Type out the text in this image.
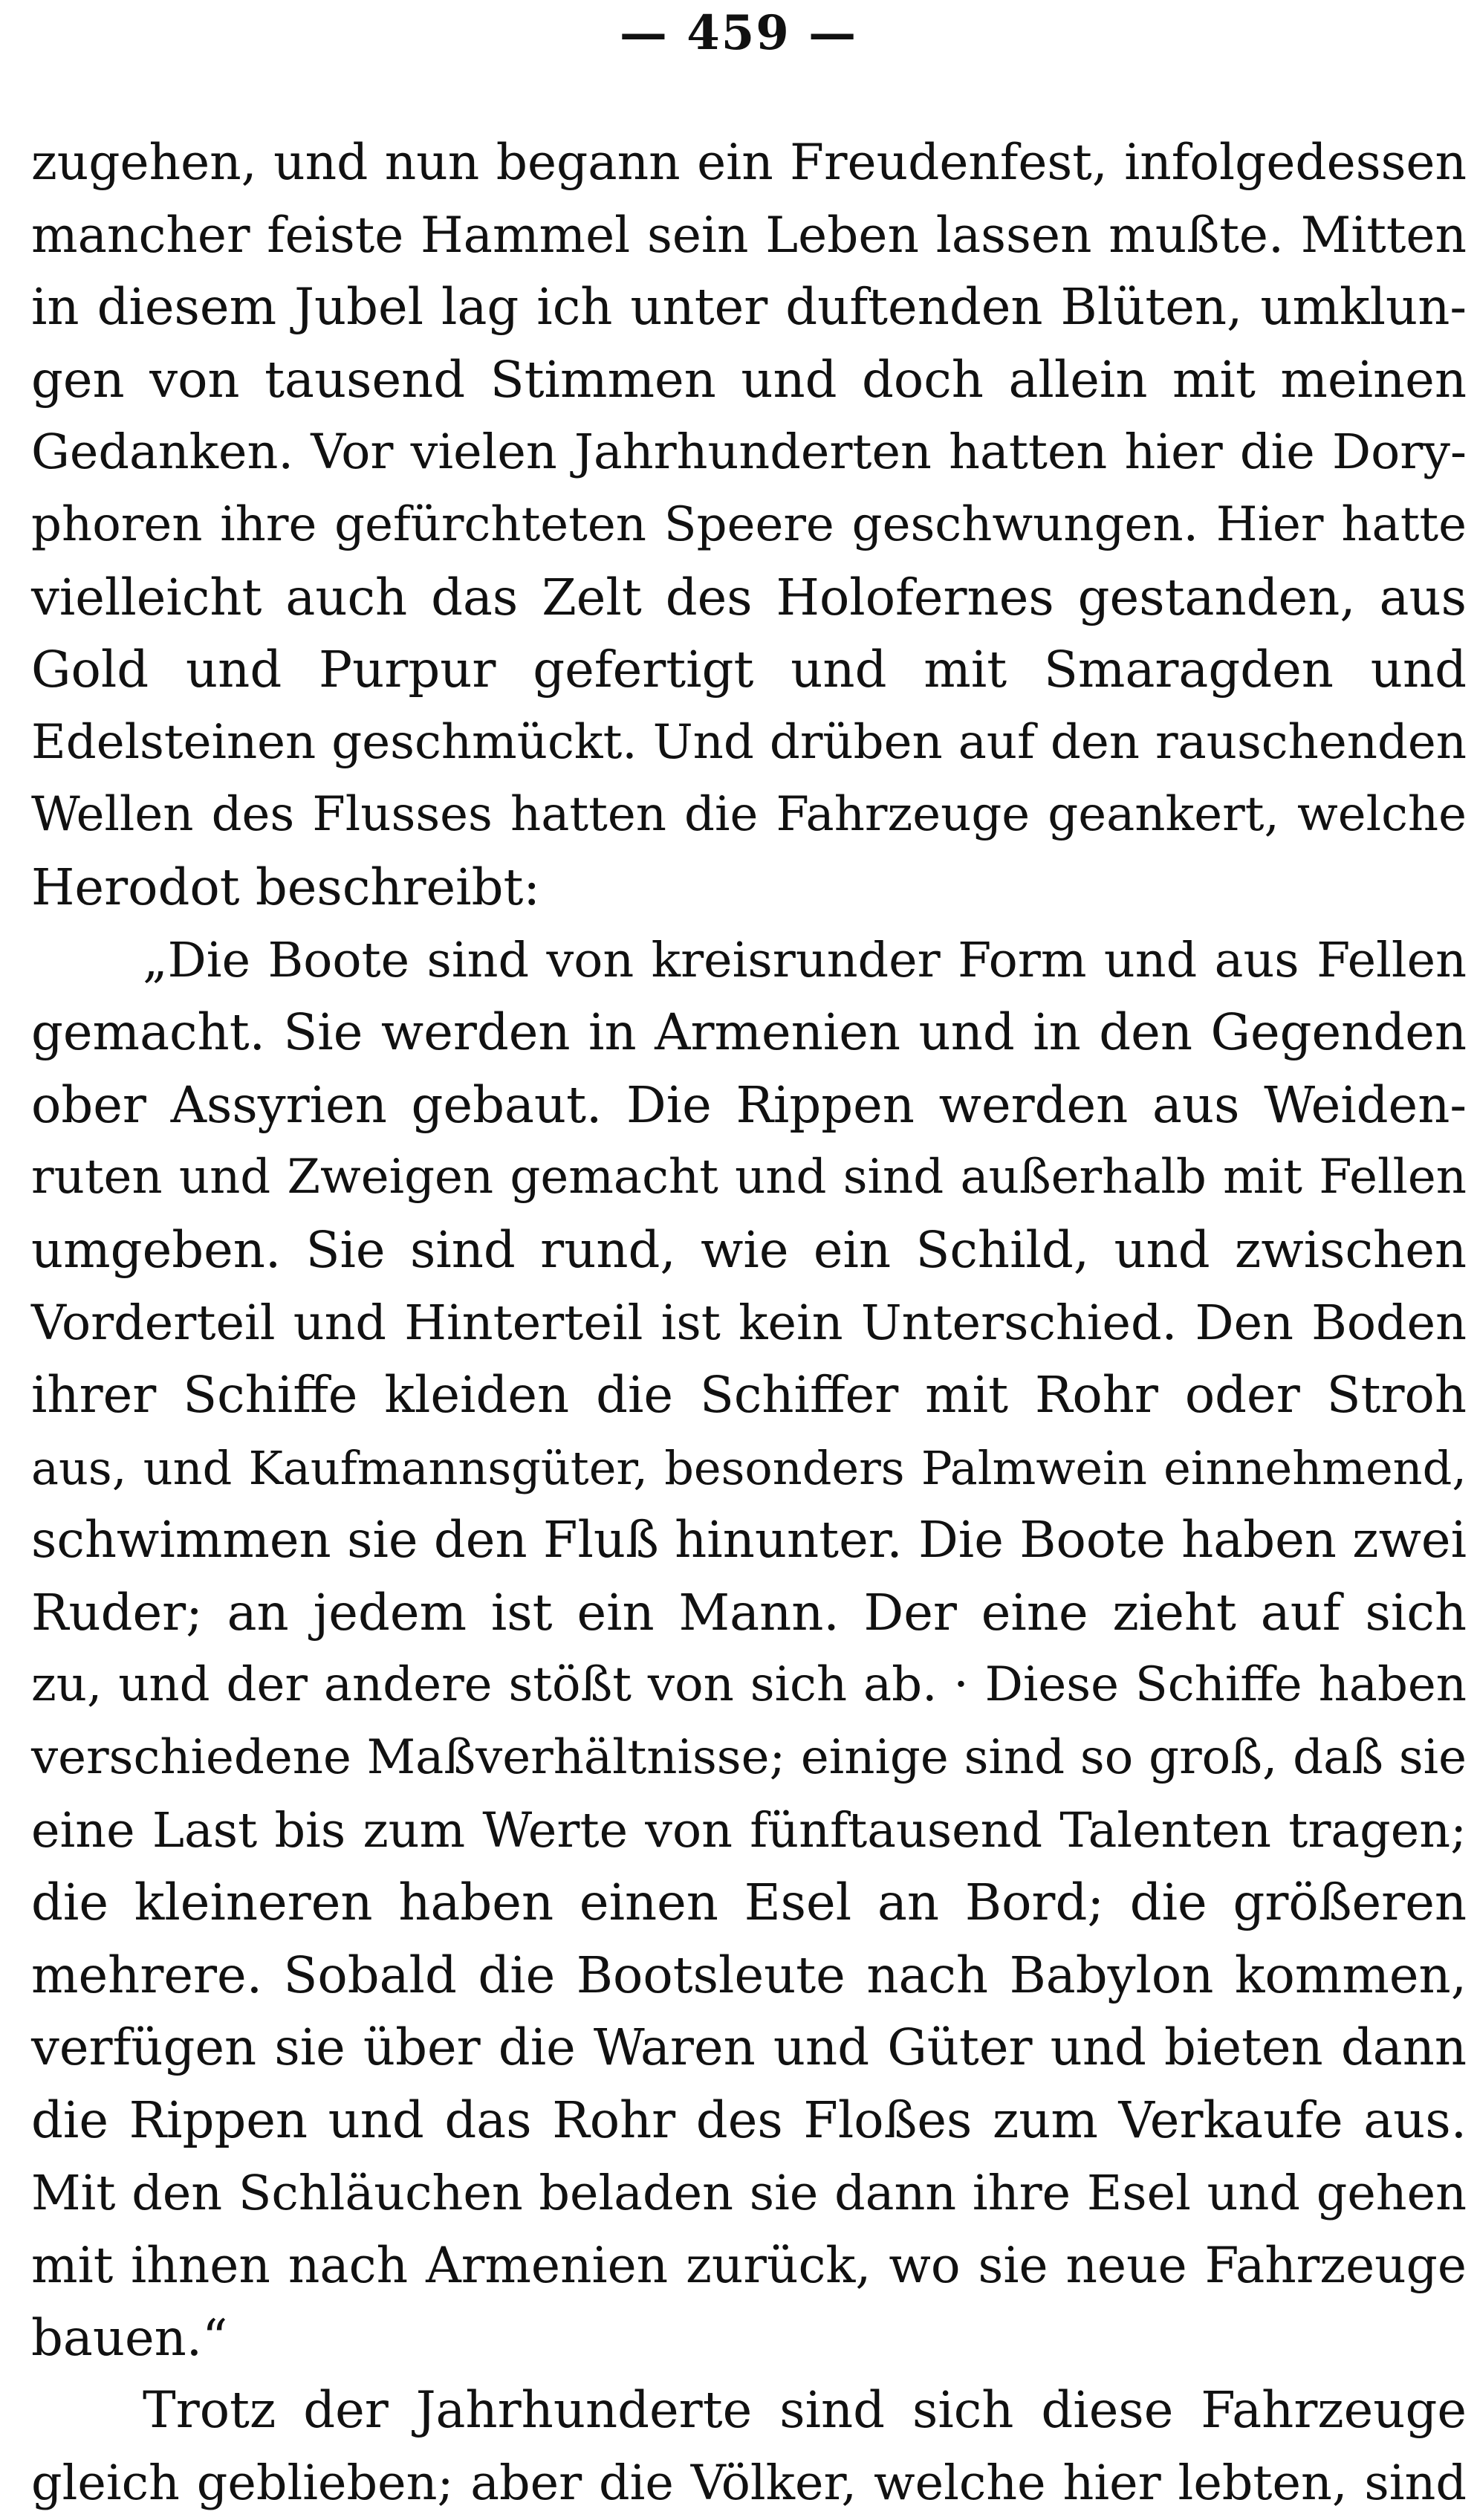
— 459 —
zugehen, und nun begann ein Freudenfest, infolgedessen
mancher feiste Hammel sein Leben lassen mußte. Mitten
in diesem Jubel lag ich unter duftenden Blüten, umklun-
gen von tausend Stimmen und doch allein mit meinen
Gedanken. Vor vielen Jahrhunderten hatten hier die Dory-
phoren ihre gefürchteten Speere geschwungen. Hier hatte
vielleicht auch das Zelt des Holofernes gestanden, aus
Gold und Purpur gefertigt und mit Smaragden und
Edelsteinen geschmückt. Und drüben auf den rauschenden
Wellen des Flusses hatten die Fahrzeuge geankert, welche
Herodot beschreibt:
„Die Boote sind von kreisrunder Form und aus Fellen
gemacht. Sie werden in Armenien und in den Gegenden
ober Assyrien gebaut. Die Rippen werden aus Weiden-
ruten und Zweigen gemacht und sind außerhalb mit Fellen
umgeben. Sie sind rund, wie ein Schild, und zwischen
Vorderteil und Hinterteil ist kein Unterschied. Den Boden
ihrer Schiffe kleiden die Schiffer mit Rohr oder Stroh
aus, und Kaufmannsgüter, besonders Palmwein einnehmend,
schwimmen sie den Fluß hinunter. Die Boote haben zwei
Ruder; an jedem ist ein Mann. Der eine zieht auf sich
zu, und der andere stößt von sich ab. · Diese Schiffe haben
verschiedene Maßverhältnisse; einige sind so groß, daß sie
eine Last bis zum Werte von fünftausend Talenten tragen;
die kleineren haben einen Esel an Bord; die größeren
mehrere. Sobald die Bootsleute nach Babylon kommen,
verfügen sie über die Waren und Güter und bieten dann
die Rippen und das Rohr des Floßes zum Verkaufe aus.
Mit den Schläuchen beladen sie dann ihre Esel und gehen
mit ihnen nach Armenien zurück, wo sie neue Fahrzeuge
bauen.“
Trotz der Jahrhunderte sind sich diese Fahrzeuge
gleich geblieben; aber die Völker, welche hier lebten, sind
